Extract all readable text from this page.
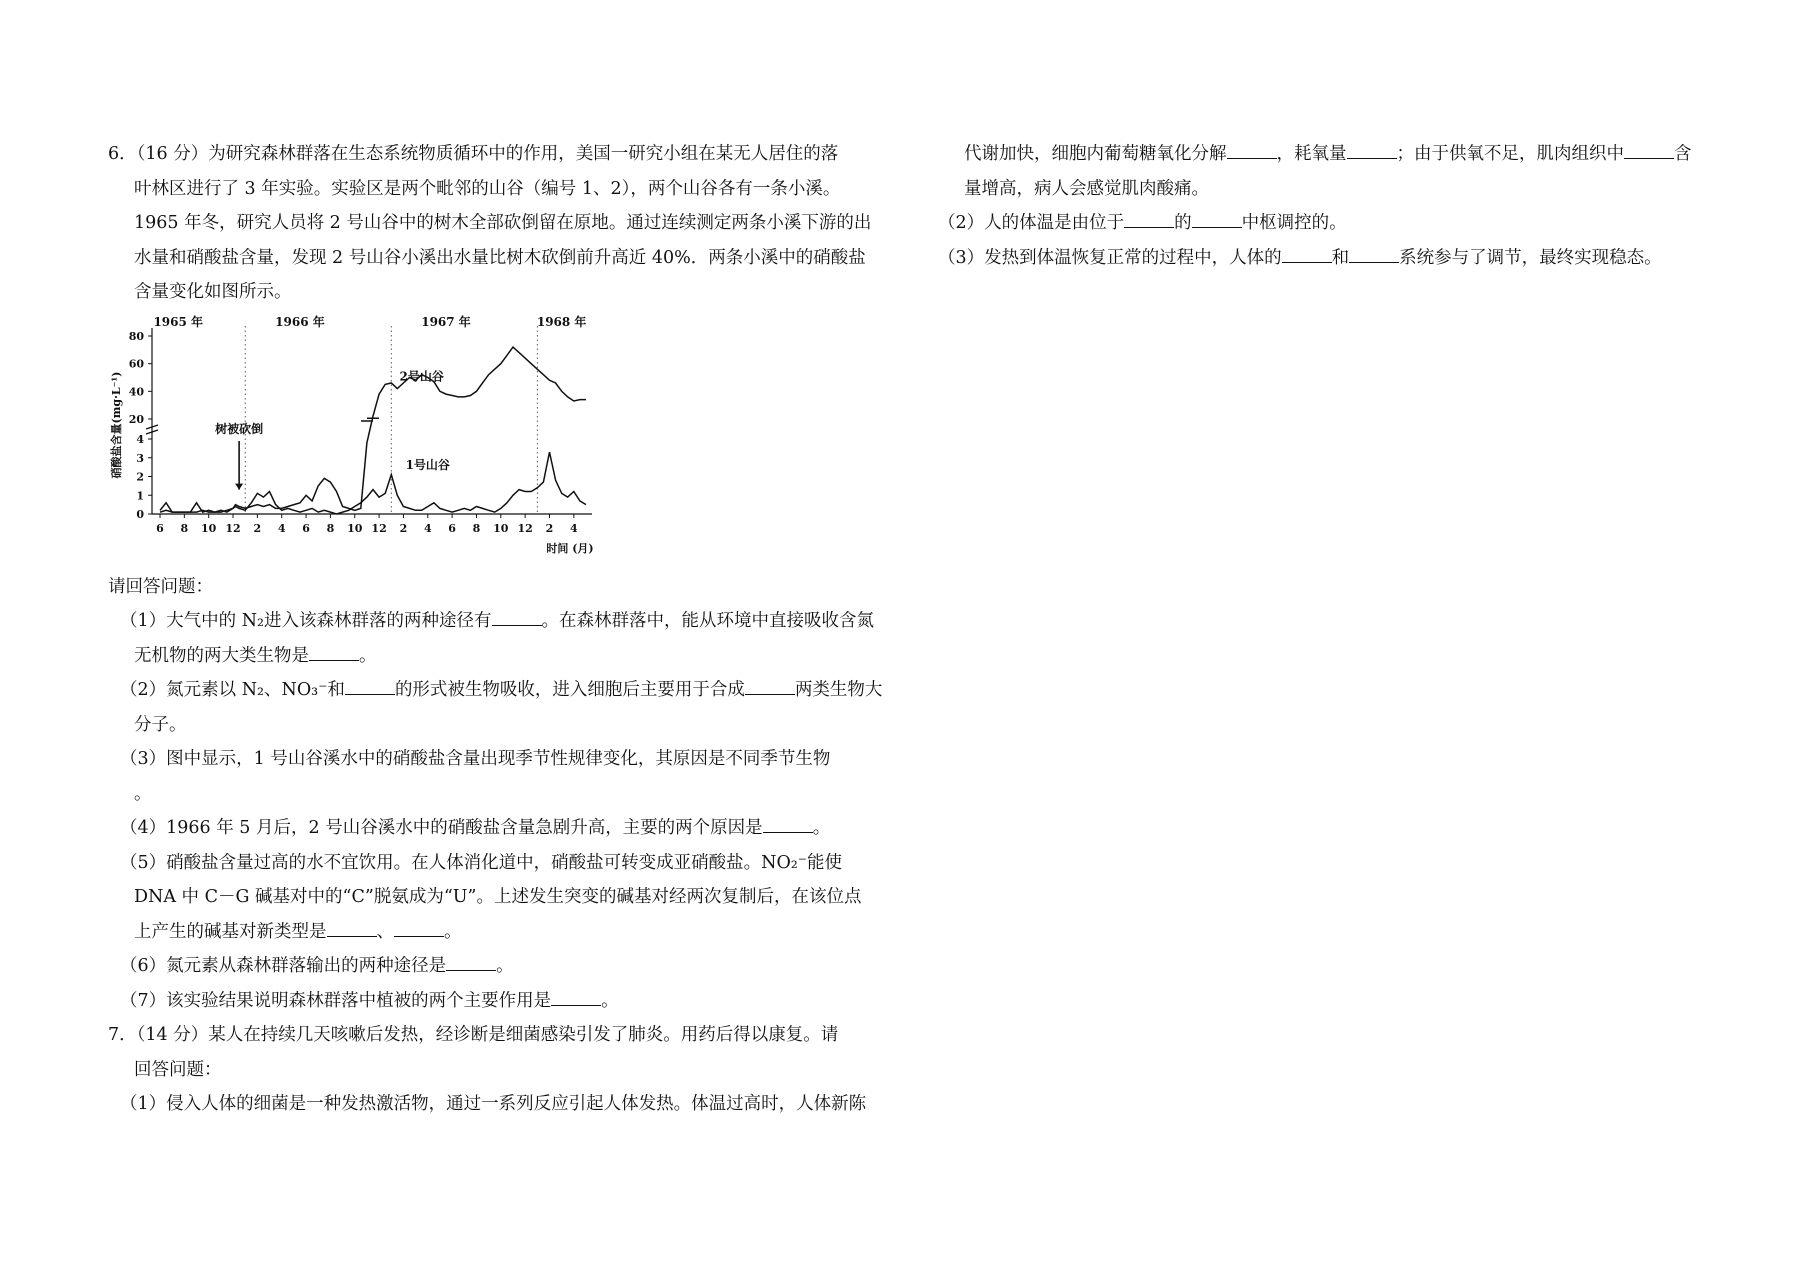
6．（16 分）为研究森林群落在生态系统物质循环中的作用，美国一研究小组在某无人居住的落
叶林区进行了 3 年实验。实验区是两个毗邻的山谷（编号 1、2），两个山谷各有一条小溪。
1965 年冬，研究人员将 2 号山谷中的树木全部砍倒留在原地。通过连续测定两条小溪下游的出
水量和硝酸盐含量，发现 2 号山谷小溪出水量比树木砍倒前升高近 40%．两条小溪中的硝酸盐
含量变化如图所示。
80
60
40
20
4
3
2
1
0
6 8 10 12 2 4 6 8 10 12 2 4 6 8 10 12 2 4
1965 年	1966 年	1967 年	1968 年
硝酸盐含量(mg·L⁻¹)
时间 (月)
2号山谷
1号山谷
树被砍倒
请回答问题：
（1）大气中的 N₂进入该森林群落的两种途径有	。在森林群落中，能从环境中直接吸收含氮
无机物的两大类生物是	。
（2）氮元素以 N₂、NO₃⁻和	的形式被生物吸收，进入细胞后主要用于合成	两类生物大
分子。
（3）图中显示，1 号山谷溪水中的硝酸盐含量出现季节性规律变化，其原因是不同季节生物
。
（4）1966 年 5 月后，2 号山谷溪水中的硝酸盐含量急剧升高，主要的两个原因是	。
（5）硝酸盐含量过高的水不宜饮用。在人体消化道中，硝酸盐可转变成亚硝酸盐。NO₂⁻能使
DNA 中 C－G 碱基对中的“C”脱氨成为“U”。上述发生突变的碱基对经两次复制后，在该位点
上产生的碱基对新类型是	、	。
（6）氮元素从森林群落输出的两种途径是	。
（7）该实验结果说明森林群落中植被的两个主要作用是	。
7．（14 分）某人在持续几天咳嗽后发热，经诊断是细菌感染引发了肺炎。用药后得以康复。请
回答问题：
（1）侵入人体的细菌是一种发热激活物，通过一系列反应引起人体发热。体温过高时，人体新陈
代谢加快，细胞内葡萄糖氧化分解	，耗氧量	；由于供氧不足，肌肉组织中	含
量增高，病人会感觉肌肉酸痛。
（2）人的体温是由位于	的	中枢调控的。
（3）发热到体温恢复正常的过程中，人体的	和	系统参与了调节，最终实现稳态。
